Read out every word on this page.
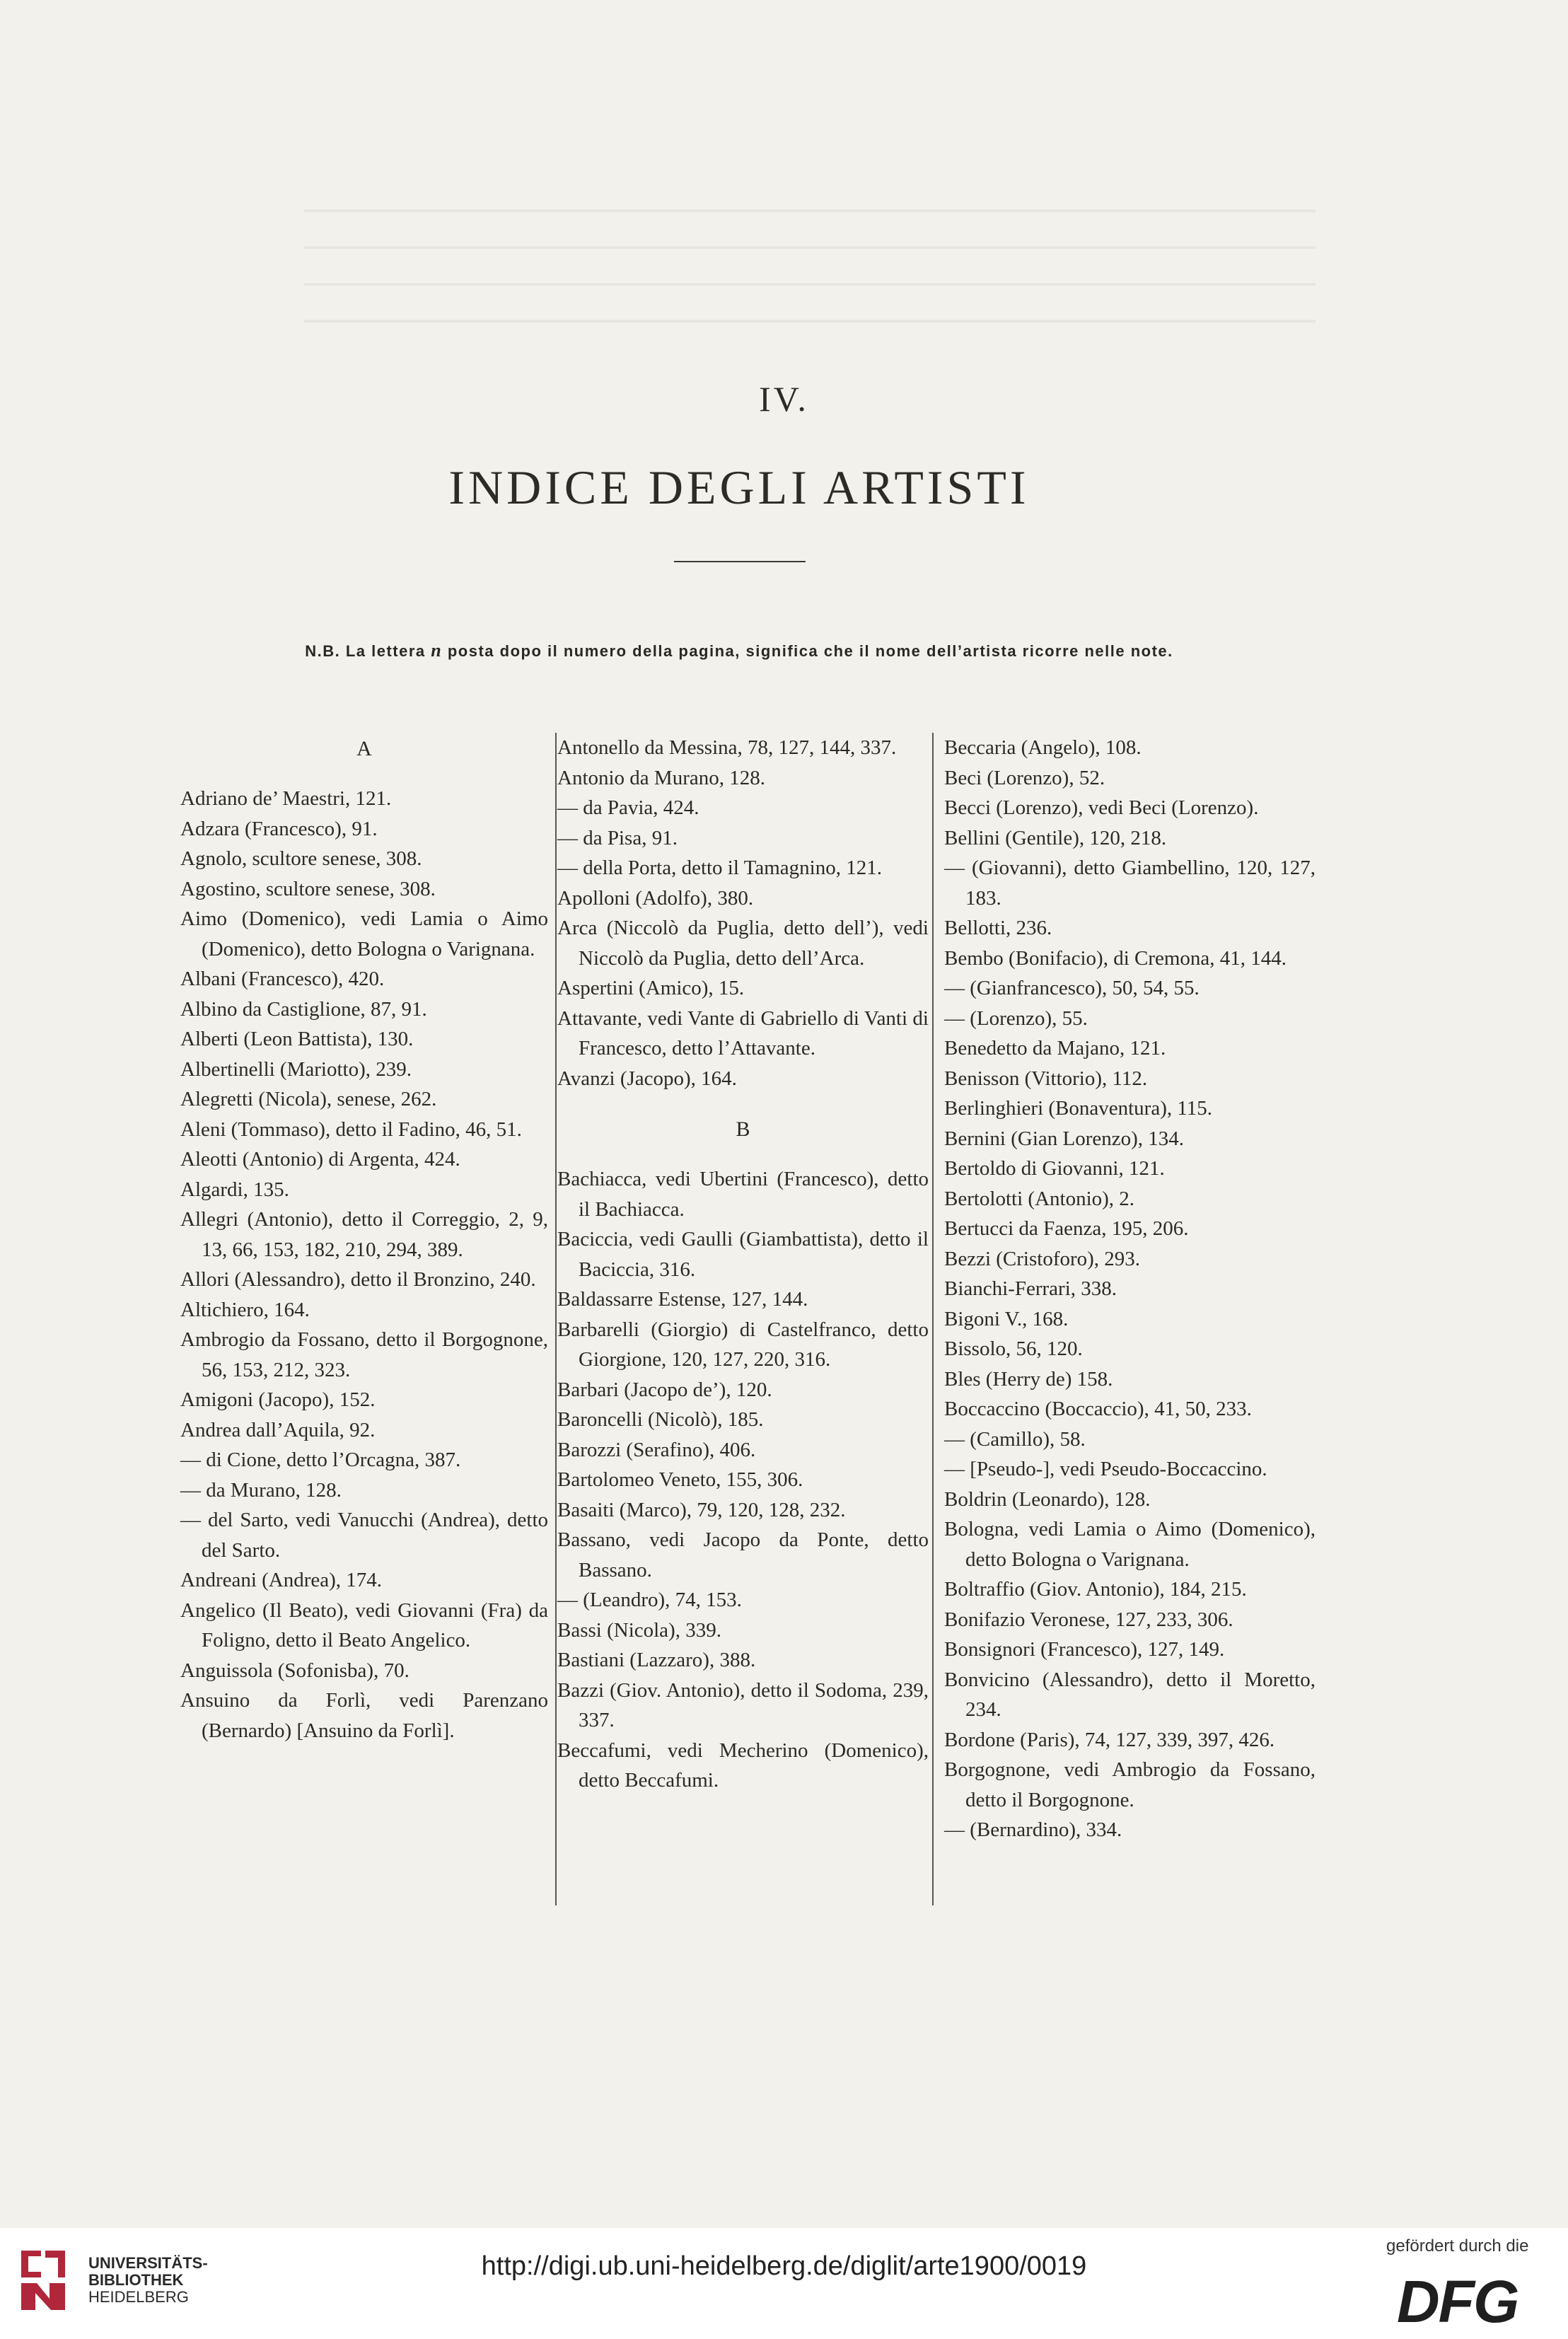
IV.
INDICE DEGLI ARTISTI
N.B. La lettera n posta dopo il numero della pagina, significa che il nome dell’artista ricorre nelle note.

A

Adriano de’ Maestri, 121.

Adzara (Francesco), 91.

Agnolo, scultore senese, 308.

Agostino, scultore senese, 308.

Aimo (Domenico), vedi Lamia o Aimo (Domenico), detto Bologna o Varignana.

Albani (Francesco), 420.

Albino da Castiglione, 87, 91.

Alberti (Leon Battista), 130.

Albertinelli (Mariotto), 239.

Alegretti (Nicola), senese, 262.

Aleni (Tommaso), detto il Fadino, 46, 51.

Aleotti (Antonio) di Argenta, 424.

Algardi, 135.

Allegri (Antonio), detto il Correggio, 2, 9, 13, 66, 153, 182, 210, 294, 389.

Allori (Alessandro), detto il Bronzino, 240.

Altichiero, 164.

Ambrogio da Fossano, detto il Borgognone, 56, 153, 212, 323.

Amigoni (Jacopo), 152.

Andrea dall’Aquila, 92.

— di Cione, detto l’Orcagna, 387.

— da Murano, 128.

— del Sarto, vedi Vanucchi (Andrea), detto del Sarto.

Andreani (Andrea), 174.

Angelico (Il Beato), vedi Giovanni (Fra) da Foligno, detto il Beato Angelico.

Anguissola (Sofonisba), 70.

Ansuino da Forlì, vedi Parenzano (Bernardo) [Ansuino da Forlì].

Antonello da Messina, 78, 127, 144, 337.

Antonio da Murano, 128.

— da Pavia, 424.

— da Pisa, 91.

— della Porta, detto il Tamagnino, 121.

Apolloni (Adolfo), 380.

Arca (Niccolò da Puglia, detto dell’), vedi Niccolò da Puglia, detto dell’Arca.

Aspertini (Amico), 15.

Attavante, vedi Vante di Gabriello di Vanti di Francesco, detto l’Attavante.

Avanzi (Jacopo), 164.

B

Bachiacca, vedi Ubertini (Francesco), detto il Bachiacca.

Baciccia, vedi Gaulli (Giambattista), detto il Baciccia, 316.

Baldassarre Estense, 127, 144.

Barbarelli (Giorgio) di Castelfranco, detto Giorgione, 120, 127, 220, 316.

Barbari (Jacopo de’), 120.

Baroncelli (Nicolò), 185.

Barozzi (Serafino), 406.

Bartolomeo Veneto, 155, 306.

Basaiti (Marco), 79, 120, 128, 232.

Bassano, vedi Jacopo da Ponte, detto Bassano.

— (Leandro), 74, 153.

Bassi (Nicola), 339.

Bastiani (Lazzaro), 388.

Bazzi (Giov. Antonio), detto il Sodoma, 239, 337.

Beccafumi, vedi Mecherino (Domenico), detto Beccafumi.

Beccaria (Angelo), 108.

Beci (Lorenzo), 52.

Becci (Lorenzo), vedi Beci (Lorenzo).

Bellini (Gentile), 120, 218.

— (Giovanni), detto Giambellino, 120, 127, 183.

Bellotti, 236.

Bembo (Bonifacio), di Cremona, 41, 144.

— (Gianfrancesco), 50, 54, 55.

— (Lorenzo), 55.

Benedetto da Majano, 121.

Benisson (Vittorio), 112.

Berlinghieri (Bonaventura), 115.

Bernini (Gian Lorenzo), 134.

Bertoldo di Giovanni, 121.

Bertolotti (Antonio), 2.

Bertucci da Faenza, 195, 206.

Bezzi (Cristoforo), 293.

Bianchi-Ferrari, 338.

Bigoni V., 168.

Bissolo, 56, 120.

Bles (Herry de) 158.

Boccaccino (Boccaccio), 41, 50, 233.

— (Camillo), 58.

— [Pseudo-], vedi Pseudo-Boccaccino.

Boldrin (Leonardo), 128.

Bologna, vedi Lamia o Aimo (Domenico), detto Bologna o Varignana.

Boltraffio (Giov. Antonio), 184, 215.

Bonifazio Veronese, 127, 233, 306.

Bonsignori (Francesco), 127, 149.

Bonvicino (Alessandro), detto il Moretto, 234.

Bordone (Paris), 74, 127, 339, 397, 426.

Borgognone, vedi Ambrogio da Fossano, detto il Borgognone.

— (Bernardino), 334.

UNIVERSITÄTS-
BIBLIOTHEK
HEIDELBERG
http://digi.ub.uni-heidelberg.de/diglit/arte1900/0019
gefördert durch die
DFG
